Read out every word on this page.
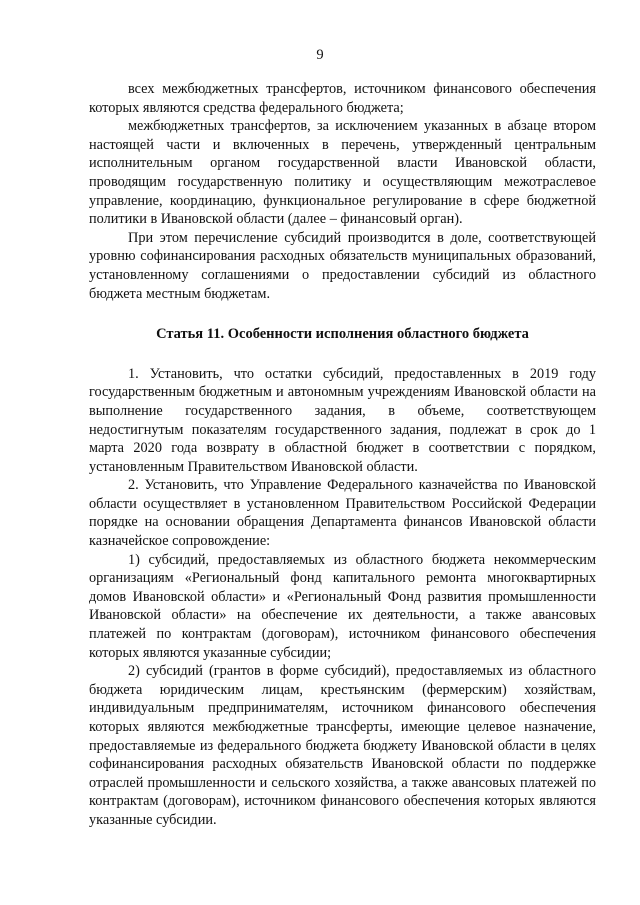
9

всех межбюджетных трансфертов, источником финансового обеспечения которых являются средства федерального бюджета;

межбюджетных трансфертов, за исключением указанных в абзаце втором настоящей части и включенных в перечень, утвержденный центральным исполнительным органом государственной власти Ивановской области, проводящим государственную политику и осуществляющим межотраслевое управление, координацию, функциональное регулирование в сфере бюджетной политики в Ивановской области (далее – финансовый орган).

При этом перечисление субсидий производится в доле, соответствующей уровню софинансирования расходных обязательств муниципальных образований, установленному соглашениями о предоставлении субсидий из областного бюджета местным бюджетам.

Статья 11. Особенности исполнения областного бюджета

1. Установить, что остатки субсидий, предоставленных в 2019 году государственным бюджетным и автономным учреждениям Ивановской области на выполнение государственного задания, в объеме, соответствующем недостигнутым показателям государственного задания, подлежат в срок до 1 марта 2020 года возврату в областной бюджет в соответствии с порядком, установленным Правительством Ивановской области.

2. Установить, что Управление Федерального казначейства по Ивановской области осуществляет в установленном Правительством Российской Федерации порядке на основании обращения Департамента финансов Ивановской области казначейское сопровождение:

1) субсидий, предоставляемых из областного бюджета некоммерческим организациям «Региональный фонд капитального ремонта многоквартирных домов Ивановской области» и «Региональный Фонд развития промышленности Ивановской области» на обеспечение их деятельности, а также авансовых платежей по контрактам (договорам), источником финансового обеспечения которых являются указанные субсидии;

2) субсидий (грантов в форме субсидий), предоставляемых из областного бюджета юридическим лицам, крестьянским (фермерским) хозяйствам, индивидуальным предпринимателям, источником финансового обеспечения которых являются межбюджетные трансферты, имеющие целевое назначение, предоставляемые из федерального бюджета бюджету Ивановской области в целях софинансирования расходных обязательств Ивановской области по поддержке отраслей промышленности и сельского хозяйства, а также авансовых платежей по контрактам (договорам), источником финансового обеспечения которых являются указанные субсидии.
